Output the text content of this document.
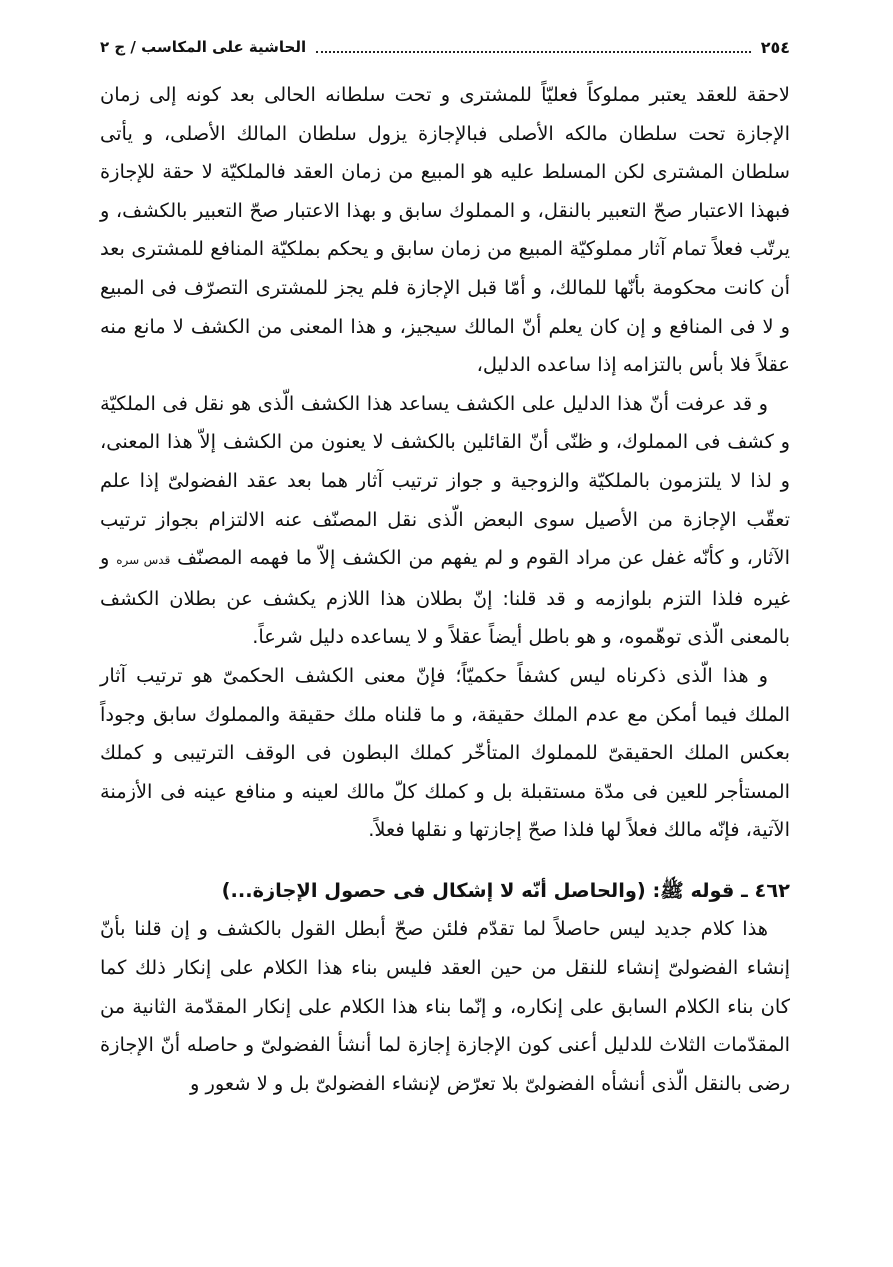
٢٥٤
الحاشية على المكاسب / ج ٢

لاحقة للعقد يعتبر مملوكاً فعليّاً للمشترى و تحت سلطانه الحالى بعد كونه إلى زمان الإجازة تحت سلطان مالكه الأصلى فبالإجازة يزول سلطان المالك الأصلى، و يأتى سلطان المشترى لكن المسلط عليه هو المبيع من زمان العقد فالملكيّة لا حقة للإجازة فبهذا الاعتبار صحّ التعبير بالنقل، و المملوك سابق و بهذا الاعتبار صحّ التعبير بالكشف، و يرتّب فعلاً تمام آثار مملوكيّة المبيع من زمان سابق و يحكم بملكيّة المنافع للمشترى بعد أن كانت محكومة بأنّها للمالك، و أمّا قبل الإجازة فلم يجز للمشترى التصرّف فى المبيع و لا فى المنافع و إن كان يعلم أنّ المالك سيجيز، و هذا المعنى من الكشف لا مانع منه عقلاً فلا بأس بالتزامه إذا ساعده الدليل،

و قد عرفت أنّ هذا الدليل على الكشف يساعد هذا الكشف الّذى هو نقل فى الملكيّة و كشف فى المملوك، و ظنّى أنّ القائلين بالكشف لا يعنون من الكشف إلاّ هذا المعنى، و لذا لا يلتزمون بالملكيّة والزوجية و جواز ترتيب آثار هما بعد عقد الفضولىّ إذا علم تعقّب الإجازة من الأصيل سوى البعض الّذى نقل المصنّف عنه الالتزام بجواز ترتيب الآثار، و كأنّه غفل عن مراد القوم و لم يفهم من الكشف إلاّ ما فهمه المصنّف قدس سره و غيره فلذا التزم بلوازمه و قد قلنا: إنّ بطلان هذا اللازم يكشف عن بطلان الكشف بالمعنى الّذى توهّموه، و هو باطل أيضاً عقلاً و لا يساعده دليل شرعاً.

و هذا الّذى ذكرناه ليس كشفاً حكميّاً؛ فإنّ معنى الكشف الحكمىّ هو ترتيب آثار الملك فيما أمكن مع عدم الملك حقيقة، و ما قلناه ملك حقيقة والمملوك سابق وجوداً بعكس الملك الحقيقىّ للمملوك المتأخّر كملك البطون فى الوقف الترتيبى و كملك المستأجر للعين فى مدّة مستقبلة بل و كملك كلّ مالك لعينه و منافع عينه فى الأزمنة الآتية، فإنّه مالك فعلاً لها فلذا صحّ إجازتها و نقلها فعلاً.

٤٦٢ ـ قوله ﷺ: (والحاصل أنّه لا إشكال فى حصول الإجازة...)

هذا كلام جديد ليس حاصلاً لما تقدّم فلئن صحّ أبطل القول بالكشف و إن قلنا بأنّ إنشاء الفضولىّ إنشاء للنقل من حين العقد فليس بناء هذا الكلام على إنكار ذلك كما كان بناء الكلام السابق على إنكاره، و إنّما بناء هذا الكلام على إنكار المقدّمة الثانية من المقدّمات الثلاث للدليل أعنى كون الإجازة إجازة لما أنشأ الفضولىّ و حاصله أنّ الإجازة رضى بالنقل الّذى أنشأه الفضولىّ بلا تعرّض لإنشاء الفضولىّ بل و لا شعور و
